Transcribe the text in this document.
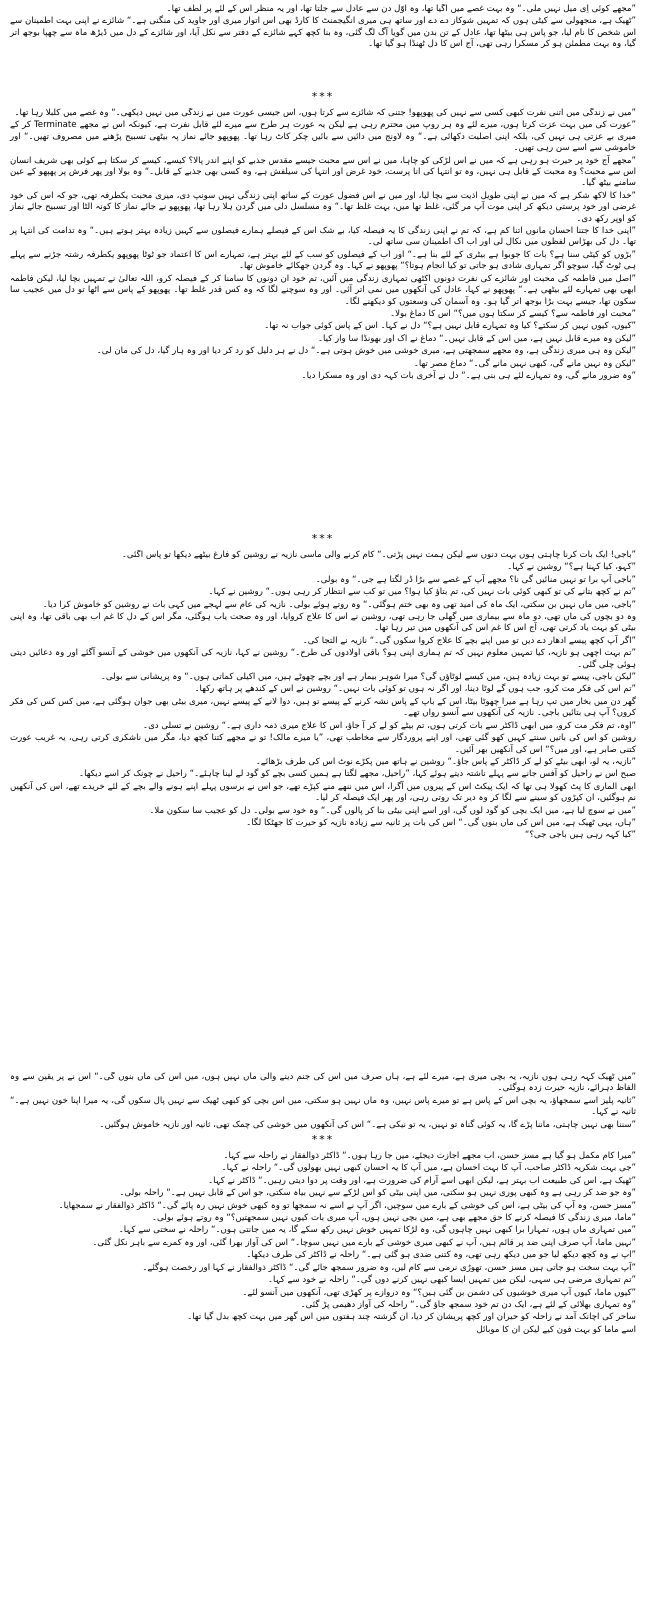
”مجھے کوئی اِی میل نہیں ملی۔“ وہ بہت غصے میں آگیا تھا، وہ اوّل دن سے عادل سے جلتا تھا، اور یہ منظر اس کے لئے پر لطف تھا۔

”ٹھیک ہے، منجھولی سے کیٹی ہوں کہ تمہیں شوکاز دے دے اور ساتھ ہی میری انگیجمنٹ کا کارڈ بھی اس اتوار میری اور جاوید کی منگنی ہے۔“ شائزے نے اپنی بہت اطمینان سے اس شخص کا نام لیا، جو پاس ہی بیٹھا تھا، عادل کے تن بدن میں گویا آگ لگ گئی، وہ بنا کچھ کہے شائزے کے دفتر سے نکل آیا، اور شائزے کے دل میں ڈیڑھ ماہ سے چھپا بوجھ اتر گیا، وہ بہت مطمئن ہو کر مسکرا رہی تھی، آج اس کا دل ٹھنڈا ہو گیا تھا۔

***

”میں نے زندگی میں اتنی نفرت کبھی کسی سے نہیں کی پھوپھو! جتنی کہ شائزے سے کرتا ہوں، اس جیسی عورت میں نے زندگی میں نہیں دیکھی۔“ وہ غصے میں کلبلا رہا تھا۔

”عورت کی میں بہت عزت کرتا ہوں، میرے لئے وہ ہر روپ میں محترم رہی ہے لیکن یہ عورت ہر طرح سے میرے لئے قابل نفرت ہے، کیونکہ اس نے مجھے Terminate کر کے میری بے عزتی ہی نہیں کی، بلکہ اپنی اصلیت دکھائی ہے۔“ وہ لاونج میں دائیں سے بائیں چکر کاٹ رہا تھا۔ پھوپھو جائے نماز پہ بیٹھی تسبیح پڑھنے میں مصروف تھیں۔“ اور خاموشی سے اسے سن رہی تھیں۔

”مجھے آج خود پر حیرت ہو رہی ہے کہ میں نے اس لڑکی کو چاہا، میں نے اس سے محبت جیسے مقدس جذبے کو اپنے اندر پالا؟ کیسے، کیسے کر سکتا ہے کوئی بھی شریف انسان اس سے محبت؟ وہ محبت کے قابل ہی نہیں، وہ تو انتہا کی انا پرست، خود غرض اور انتہا کی سیلفش ہے، وہ کسی بھی جذبے کے قابل۔“ وہ بولا اور پھر فرش پر پھپھو کے عین سامنے بیٹھ گیا۔

”خدا کا لاکھ شکر ہے کہ میں نے اپنی طویل اذیت سے بچا لیا، اور میں نے اس فضول عورت کے ساتھ اپنی زندگی نہیں سونپ دی، میری محبت یکطرفہ تھی، جو کہ اس کی خود غرضی اور خود پرستی دیکھ کر اپنی موت آپ مر گئی، غلط تھا میں، بہت غلط تھا۔“ وہ مسلسل دلی میں گردن ہلا رہا تھا، پھوپھو نے جائے نماز کا کونہ الٹا اور تسبیح جائے نماز کو اوپر رکھ دی۔

”اپنی خدا کا جتنا احسان مانوں اتنا کم ہے، کہ تم نے اپنی زندگی کا یہ فیصلہ کیا، بے شک اس کے فیصلے ہمارے فیصلوں سے کہیں زیادہ بہتر ہوتے ہیں۔“ وہ تدامت کی انتہا پر تھا۔ دل کی بھڑاس لفظوں میں نکال لی اور اب اک اطمینان سی ساتھ لی۔

”بڑوں کو کیٹی سنا ہے؟ بات کا جوبوا ہے بیٹری کے لئے بنا ہے۔“ اور اب کے فیصلوں کو سب کے لئے بہتر ہے، تمہارے اس کا اعتماد جو ٹوٹا پھوپھو یکطرفہ رشتہ جڑنے سے پہلے ہی ٹوٹ گیا، سوچو اگر تمہاری شادی ہو جاتی تو کیا انجام ہوتا؟“ پھوپھو نے کہا۔ وہ گردن جھکائے خاموش تھا۔

”اصل میں فاطمہ کی محبت اور شائزے کی نفرت دونوں اکٹھی تمہاری زندگی میں آئیں، تم خود ان دونوں کا سامنا کر کے فیصلہ کرو، اللہ تعالیٰ نے تمہیں بچا لیا، لیکن فاطمہ ابھی بھی تمہارے لئے بیٹھی ہے۔“ پھوپھو نے کہا، عادل کی آنکھوں میں نمی اتر آئی۔ اور وہ سوچنے لگا کہ وہ کس قدر غلط تھا۔ پھوپھو کے پاس سے اٹھا تو دل میں عجیب سا سکون تھا، جیسے بہت بڑا بوجھ اتر گیا ہو۔ وہ آسمان کی وسعتوں کو دیکھنے لگا۔

”محبت اور فاطمہ سے؟ کیسے کر سکتا ہوں میں؟“ اس کا دماغ بولا۔

”کیوں، کیوں نہیں کر سکتے؟ کیا وہ تمہارے قابل نہیں ہے؟“ دل نے کہا۔ اس کے پاس کوئی جواب نہ تھا۔

”لیکن وہ میرے قابل نہیں ہے، میں اس کے قابل نہیں۔“ دماغ نے اک اور بھونڈا سا وار کیا۔

”لیکن وہ ہی میری زندگی ہے، وہ مجھے سمجھتی ہے، میری خوشی میں خوش ہوتی ہے۔“ دل نے ہر دلیل کو رد کر دیا اور وہ ہار گیا، دل کی مان لی۔

”لیکن وہ نہیں مانے گی، کبھی نہیں مانے گی۔“ دماغ مصر تھا۔

”وہ ضرور مانے گی، وہ تمہارے لئے ہی بنی ہے۔“ دل نے آخری بات کہہ دی اور وہ مسکرا دیا۔

***

”باجی! ایک بات کرنا چاہتی ہوں بہت دنوں سے لیکن ہمت نہیں پڑتی۔“ کام کرنے والی ماسی نازیہ نے روشین کو فارغ بیٹھے دیکھا تو پاس آگئی۔

”کہو، کیا کہنا ہے؟“ روشین نے کہا۔

”باجی آپ برا تو نہیں منائیں گی نا؟ مجھے آپ کے غصے سے بڑا ڈر لگتا ہے جی۔“ وہ بولی۔

”تم نے کچھ بتانے کی تو کبھی کوئی بات نہیں کی، تم بتاؤ کیا ہوا؟ میں تو کب سے انتظار کر رہی ہوں۔“ روشین نے کہا۔

”باجی، میں ماں نہیں بن سکتی، ایک ماہ کی امید تھی وہ بھی ختم ہوگئی۔“ وہ روتے ہوئے بولی۔ نازیہ کی عام سے لہجے میں کہی بات نے روشین کو خاموش کرا دیا۔

وہ دو بچوں کی ماں تھی، دو ماہ سے بیماری میں گھلی جا رہی تھی، روشین نے اس کا علاج کروایا، اور وہ صحت یاب ہوگئی، مگر اس کے دل کا غم اب بھی باقی تھا، وہ اپنی بیٹی کو بہت یاد کرتی تھی، آج اس کا غم اس کی آنکھوں میں تیر رہا تھا۔

”اگر آپ کچھ پیسے ادھار دے دیں تو میں اپنے بچے کا علاج کروا سکوں گی۔“ نازیہ نے التجا کی۔

”تم بہت اچھی ہو نازیہ، کیا تمہیں معلوم نہیں کہ تم ہماری اپنی ہو؟ باقی اولادوں کی طرح۔“ روشین نے کہا، نازیہ کی آنکھوں میں خوشی کے آنسو آگئے اور وہ دعائیں دیتی ہوئی چلی گئی۔

”لیکن باجی، پیسے تو بہت زیادہ ہیں، میں کیسے لوٹاؤں گی؟ میرا شوہر بیمار ہے اور بچے چھوٹے ہیں، میں اکیلی کماتی ہوں۔“ وہ پریشانی سے بولی۔

”تم اس کی فکر مت کرو، جب ہوں گے لوٹا دینا، اور اگر نہ ہوں تو کوئی بات نہیں۔“ روشین نے اس کے کندھے پر ہاتھ رکھا۔

گھر دن میں بخار میں تپ رہا ہے میرا چھوٹا بیٹا، اس کے باپ کے پاس نشہ کرنے کے پیسے تو ہیں، دوا لانے کے پیسے نہیں، میری بیٹی بھی جوان ہوگئی ہے، میں کس کس کی فکر کروں؟ آپ ہی بتائیں باجی۔ نازیہ کی آنکھوں سے آنسو رواں تھے۔

”اوہ، تم فکر مت کرو، میں ابھی ڈاکٹر سے بات کرتی ہوں، تم بیٹے کو لے کر آ جاؤ، اس کا علاج میری ذمہ داری ہے۔“ روشین نے تسلی دی۔

روشین کو اس کی باتیں سنتے کہیں کھو گئی تھی، اور اپنے پروردگار سے مخاطب تھی، ”یا میرے مالک! تو نے مجھے کتنا کچھ دیا، مگر میں ناشکری کرتی رہی، یہ غریب عورت کتنی صابر ہے، اور میں؟“ اس کی آنکھیں بھر آئیں۔

”نازیہ، یہ لو، ابھی بیٹے کو لے کر ڈاکٹر کے پاس جاؤ۔“ روشین نے ہاتھ میں پکڑے نوٹ اس کی طرف بڑھائے۔

صبح اس نے راحیل کو آفس جانے سے پہلے ناشتہ دیتے ہوئے کہا، ”راحیل، مجھے لگتا ہے ہمیں کسی بچے کو گود لے لینا چاہئے۔“ راحیل نے چونک کر اسے دیکھا۔

ابھی الماری کا پٹ کھولا ہی تھا کہ ایک پیکٹ اس کے پیروں میں آگرا، اس میں ننھے منے کپڑے تھے، جو اس نے برسوں پہلے اپنے ہونے والے بچے کے لئے خریدے تھے، اس کی آنکھیں نم ہوگئیں، ان کپڑوں کو سینے سے لگا کر وہ دیر تک روتی رہی، اور پھر ایک فیصلہ کر لیا۔

”میں نے سوچ لیا ہے، میں ایک بچی کو گود لوں گی، اور اسے اپنی بیٹی بنا کر پالوں گی۔“ وہ خود سے بولی۔ دل کو عجیب سا سکون ملا۔

”ہاں، یہی ٹھیک ہے، میں اس کی ماں بنوں گی۔“ اس کی بات پر ثانیہ سے زیادہ نازیہ کو حیرت کا جھٹکا لگا۔

”کیا کہہ رہی ہیں باجی جی؟“

”میں ٹھیک کہہ رہی ہوں نازیہ، یہ بچی میری ہے، میرے لئے ہے، ہاں صرف میں اس کی جنم دینے والی ماں نہیں ہوں، میں اس کی ماں بنوں گی۔“ اس نے پر یقین سے وہ الفاظ دہرائے، نازیہ حیرت زدہ ہوگئی۔

”ثانیہ پلیز اسے سمجھاؤ، یہ بچی اس کے پاس ہے تو میرے پاس نہیں، وہ ماں نہیں ہو سکتی، میں اس بچی کو کبھی ٹھیک سے نہیں پال سکوں گی، یہ میرا اپنا خون نہیں ہے۔“ ثانیہ نے کہا۔

”سننا بھی نہیں چاہتی، ماننا پڑے گا، یہ کوئی گناہ تو نہیں، یہ تو نیکی ہے۔“ اس کی آنکھوں میں خوشی کی چمک تھی، ثانیہ اور نازیہ خاموش ہوگئیں۔

***

”میرا کام مکمل ہو گیا ہے مسز حسن، اب مجھے اجازت دیجئے، میں جا رہا ہوں۔“ ڈاکٹر ذوالفقار نے راحلہ سے کہا۔

”جی بہت شکریہ ڈاکٹر صاحب، آپ کا بہت احسان ہے، میں آپ کا یہ احسان کبھی نہیں بھولوں گی۔“ راحلہ نے کہا۔

”ٹھیک ہے، اس کی طبیعت اب بہتر ہے، لیکن ابھی اسے آرام کی ضرورت ہے، اور وقت پر دوا دیتی رہیں۔“ ڈاکٹر نے کہا۔

”وہ جو ضد کر رہی ہے وہ کبھی پوری نہیں ہو سکتی، میں اپنی بیٹی کو اس لڑکے سے نہیں بیاہ سکتی، جو اس کے قابل نہیں ہے۔“ راحلہ بولی۔

”مسز حسن، وہ آپ کی بیٹی ہے، اس کی خوشی کے بارے میں سوچیں، اگر آپ نے اسے نہ سمجھا تو وہ کبھی خوش نہیں رہ پائے گی۔“ ڈاکٹر ذوالفقار نے سمجھایا۔

”ماما، میری زندگی کا فیصلہ کرنے کا حق مجھے بھی ہے، میں بچی نہیں ہوں، آپ میری بات کیوں نہیں سمجھتیں؟“ وہ روتے ہوئے بولی۔

”میں تمہاری ماں ہوں، تمہارا برا کبھی نہیں چاہوں گی، وہ لڑکا تمہیں خوش نہیں رکھ سکے گا، یہ میں جانتی ہوں۔“ راحلہ نے سختی سے کہا۔

”نہیں ماما، آپ صرف اپنی ضد پر قائم ہیں، آپ نے کبھی میری خوشی کے بارے میں نہیں سوچا۔“ اس کی آواز بھرا گئی، اور وہ کمرے سے باہر نکل گئی۔

”اپ نے وہ کچھ دیکھ لیا جو میں دیکھ رہی تھی، وہ کتنی ضدی ہو گئی ہے۔“ راحلہ نے ڈاکٹر کی طرف دیکھا۔

”آپ بہت سخت ہو جاتی ہیں مسز حسن، تھوڑی نرمی سے کام لیں، وہ ضرور سمجھ جائے گی۔“ ڈاکٹر ذوالفقار نے کہا اور رخصت ہوگئے۔

”تم تمہاری مرضی ہی سہی، لیکن میں تمہیں ایسا کبھی نہیں کرنے دوں گی۔“ راحلہ نے خود سے کہا۔

”کیوں ماما، کیوں آپ میری خوشیوں کی دشمن بن گئی ہیں؟“ وہ دروازے پر کھڑی تھی، آنکھوں میں آنسو لئے۔

”وہ تمہاری بھلائی کے لئے ہے، ایک دن تم خود سمجھ جاؤ گی۔“ راحلہ کی آواز دھیمی پڑ گئی۔

ساحر کی اچانک آمد نے راحلہ کو حیران اور کچھ پریشان کر دیا، ان گزشتہ چند ہفتوں میں اس گھر میں بہت کچھ بدل گیا تھا۔

اسے ماما کو بہت فون کیے لیکن ان کا موبائل
